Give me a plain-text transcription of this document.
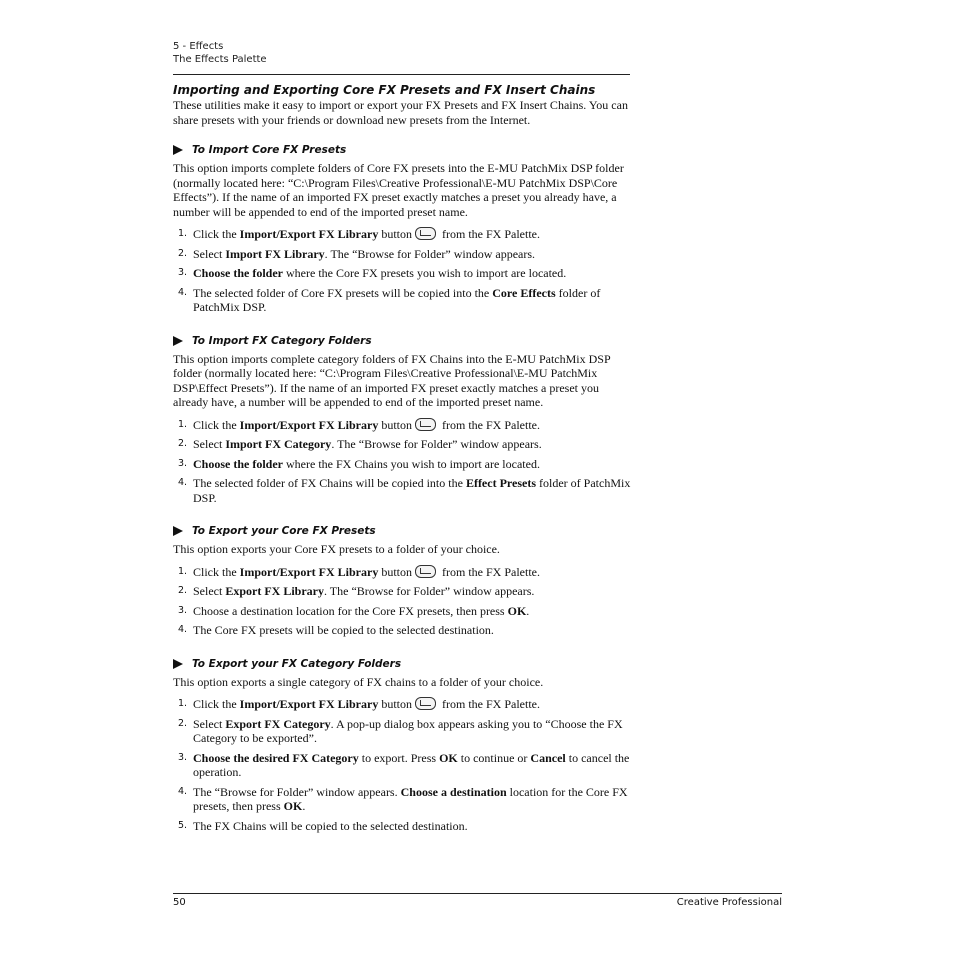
5 - Effects
The Effects Palette

Importing and Exporting Core FX Presets and FX Insert Chains

These utilities make it easy to import or export your FX Presets and FX Insert Chains. You can share presets with your friends or download new presets from the Internet.

To Import Core FX Presets

This option imports complete folders of Core FX presets into the E-MU PatchMix DSP folder (normally located here: “C:\Program Files\Creative Professional\E-MU PatchMix DSP\Core Effects”). If the name of an imported FX preset exactly matches a preset you already have, a number will be appended to end of the imported preset name.

1. Click the Import/Export FX Library button from the FX Palette.
2. Select Import FX Library. The “Browse for Folder” window appears.
3. Choose the folder where the Core FX presets you wish to import are located.
4. The selected folder of Core FX presets will be copied into the Core Effects folder of PatchMix DSP.
To Import FX Category Folders

This option imports complete category folders of FX Chains into the E-MU PatchMix DSP folder (normally located here: “C:\Program Files\Creative Professional\E-MU PatchMix DSP\Effect Presets”). If the name of an imported FX preset exactly matches a preset you already have, a number will be appended to end of the imported preset name.

1. Click the Import/Export FX Library button from the FX Palette.
2. Select Import FX Category. The “Browse for Folder” window appears.
3. Choose the folder where the FX Chains you wish to import are located.
4. The selected folder of FX Chains will be copied into the Effect Presets folder of PatchMix DSP.
To Export your Core FX Presets

This option exports your Core FX presets to a folder of your choice.

1. Click the Import/Export FX Library button from the FX Palette.
2. Select Export FX Library. The “Browse for Folder” window appears.
3. Choose a destination location for the Core FX presets, then press OK.
4. The Core FX presets will be copied to the selected destination.
To Export your FX Category Folders

This option exports a single category of FX chains to a folder of your choice.

1. Click the Import/Export FX Library button from the FX Palette.
2. Select Export FX Category. A pop-up dialog box appears asking you to “Choose the FX Category to be exported”.
3. Choose the desired FX Category to export. Press OK to continue or Cancel to cancel the operation.
4. The “Browse for Folder” window appears. Choose a destination location for the Core FX presets, then press OK.
5. The FX Chains will be copied to the selected destination.
50	Creative Professional
